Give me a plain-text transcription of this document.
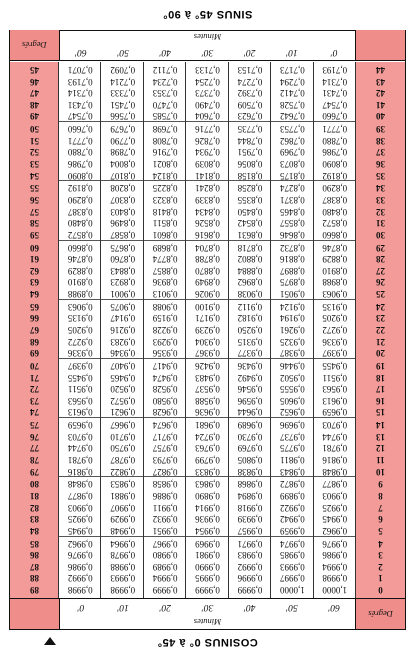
COSINUS 0° à 45°
Degrés
Minutes
60'
50'
40'
30'
20'
10'
0'
0
1,0000
1,0000
0,9999
0,9999
0,9999
0,9998
0,9998
89
1
0,9998
0,9997
0,9996
0,9995
0,9994
0,9993
0,9992
88
2
0,9994
0,9993
0,9992
0,9990
0,9989
0,9988
0,9986
87
3
0,9986
0,9985
0,9983
0,9981
0,9980
0,9978
0,9976
86
4
0,9976
0,9974
0,9971
0,9969
0,9967
0,9964
0,9962
85
5
0,9962
0,9959
0,9957
0,9954
0,9951
0,9948
0,9945
84
6
0,9945
0,9942
0,9939
0,9936
0,9932
0,9929
0,9925
83
7
0,9925
0,9922
0,9918
0,9914
0,9911
0,9907
0,9903
82
8
0,9903
0,9899
0,9894
0,9890
0,9886
0,9881
0,9877
81
9
0,9877
0,9872
0,9868
0,9863
0,9858
0,9853
0,9848
80
10
0,9848
0,9843
0,9838
0,9833
0,9827
0,9822
0,9816
79
11
0,9816
0,9811
0,9805
0,9799
0,9793
0,9787
0,9781
78
12
0,9781
0,9775
0,9769
0,9763
0,9757
0,9750
0,9744
77
13
0,9744
0,9737
0,9730
0,9724
0,9717
0,9710
0,9703
76
14
0,9703
0,9696
0,9689
0,9681
0,9674
0,9667
0,9659
75
15
0,9659
0,9652
0,9644
0,9636
0,9628
0,9621
0,9613
74
16
0,9613
0,9605
0,9596
0,9588
0,9580
0,9572
0,9563
73
17
0,9563
0,9555
0,9546
0,9537
0,9528
0,9520
0,9511
72
18
0,9511
0,9502
0,9492
0,9483
0,9474
0,9465
0,9455
71
19
0,9455
0,9446
0,9436
0,9426
0,9417
0,9407
0,9397
70
20
0,9397
0,9387
0,9377
0,9367
0,9356
0,9346
0,9336
69
21
0,9336
0,9325
0,9315
0,9304
0,9293
0,9283
0,9272
68
22
0,9272
0,9261
0,9250
0,9239
0,9228
0,9216
0,9205
67
23
0,9205
0,9194
0,9182
0,9171
0,9159
0,9147
0,9135
66
24
0,9135
0,9124
0,9112
0,9100
0,9088
0,9075
0,9063
65
25
0,9063
0,9051
0,9038
0,9026
0,9013
0,9001
0,8988
64
26
0,8988
0,8975
0,8962
0,8949
0,8936
0,8923
0,8910
63
27
0,8910
0,8897
0,8884
0,8870
0,8857
0,8843
0,8829
62
28
0,8829
0,8816
0,8802
0,8788
0,8774
0,8760
0,8746
61
29
0,8746
0,8732
0,8718
0,8704
0,8689
0,8675
0,8660
60
30
0,8660
0,8646
0,8631
0,8616
0,8601
0,8587
0,8572
59
31
0,8572
0,8557
0,8542
0,8526
0,8511
0,8496
0,8480
58
32
0,8480
0,8465
0,8450
0,8434
0,8418
0,8403
0,8387
57
33
0,8387
0,8371
0,8355
0,8339
0,8323
0,8307
0,8290
56
34
0,8290
0,8274
0,8258
0,8241
0,8225
0,8208
0,8192
55
35
0,8192
0,8175
0,8158
0,8141
0,8124
0,8107
0,8090
54
36
0,8090
0,8073
0,8056
0,8039
0,8021
0,8004
0,7986
53
37
0,7986
0,7969
0,7951
0,7934
0,7916
0,7898
0,7880
52
38
0,7880
0,7862
0,7844
0,7826
0,7808
0,7790
0,7771
51
39
0,7771
0,7753
0,7735
0,7716
0,7698
0,7679
0,7660
50
40
0,7660
0,7642
0,7623
0,7604
0,7585
0,7566
0,7547
49
41
0,7547
0,7528
0,7509
0,7490
0,7470
0,7451
0,7431
48
42
0,7431
0,7412
0,7392
0,7373
0,7353
0,7333
0,7314
47
43
0,7314
0,7294
0,7274
0,7254
0,7234
0,7214
0,7193
46
44
0,7193
0,7173
0,7153
0,7133
0,7112
0,7092
0,7071
45
0'
10'
20'
30'
40'
50'
60'
Minutes
Degrés
SINUS 45° à 90°
